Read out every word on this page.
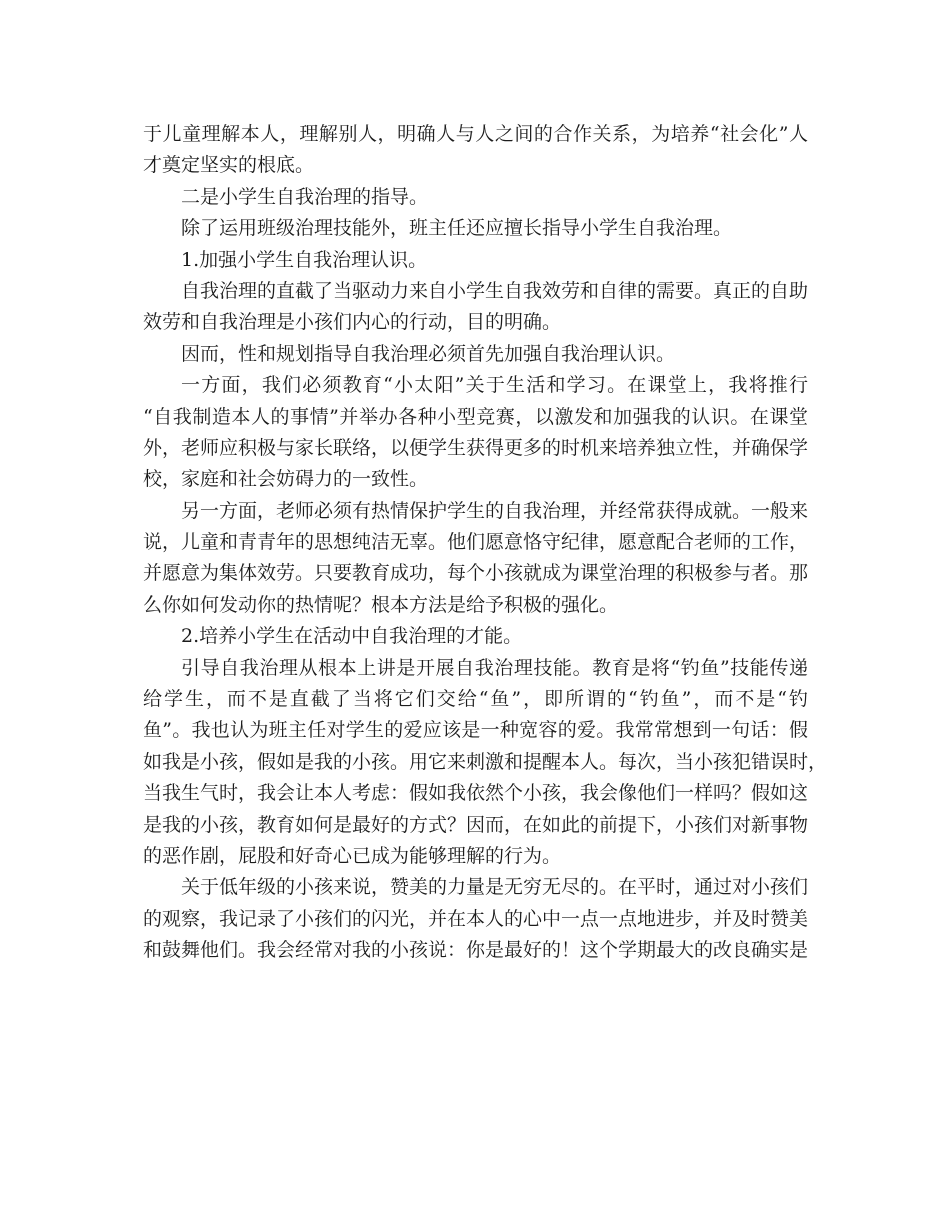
于儿童理解本人，理解别人，明确人与人之间的合作关系，为培养“社会化”人
才奠定坚实的根底。
二是小学生自我治理的指导。
除了运用班级治理技能外，班主任还应擅长指导小学生自我治理。
1.加强小学生自我治理认识。
自我治理的直截了当驱动力来自小学生自我效劳和自律的需要。真正的自助
效劳和自我治理是小孩们内心的行动，目的明确。
因而，性和规划指导自我治理必须首先加强自我治理认识。
一方面，我们必须教育“小太阳”关于生活和学习。在课堂上，我将推行
“自我制造本人的事情”并举办各种小型竞赛，以激发和加强我的认识。在课堂
外，老师应积极与家长联络，以便学生获得更多的时机来培养独立性，并确保学
校，家庭和社会妨碍力的一致性。
另一方面，老师必须有热情保护学生的自我治理，并经常获得成就。一般来
说，儿童和青青年的思想纯洁无辜。他们愿意恪守纪律，愿意配合老师的工作，
并愿意为集体效劳。只要教育成功，每个小孩就成为课堂治理的积极参与者。那
么你如何发动你的热情呢？根本方法是给予积极的强化。
2.培养小学生在活动中自我治理的才能。
引导自我治理从根本上讲是开展自我治理技能。教育是将“钓鱼”技能传递
给学生，而不是直截了当将它们交给“鱼”，即所谓的“钓鱼”，而不是“钓
鱼”。我也认为班主任对学生的爱应该是一种宽容的爱。我常常想到一句话：假
如我是小孩，假如是我的小孩。用它来刺激和提醒本人。每次，当小孩犯错误时，
当我生气时，我会让本人考虑：假如我依然个小孩，我会像他们一样吗？假如这
是我的小孩，教育如何是最好的方式？因而，在如此的前提下，小孩们对新事物
的恶作剧，屁股和好奇心已成为能够理解的行为。
关于低年级的小孩来说，赞美的力量是无穷无尽的。在平时，通过对小孩们
的观察，我记录了小孩们的闪光，并在本人的心中一点一点地进步，并及时赞美
和鼓舞他们。我会经常对我的小孩说：你是最好的！这个学期最大的改良确实是
